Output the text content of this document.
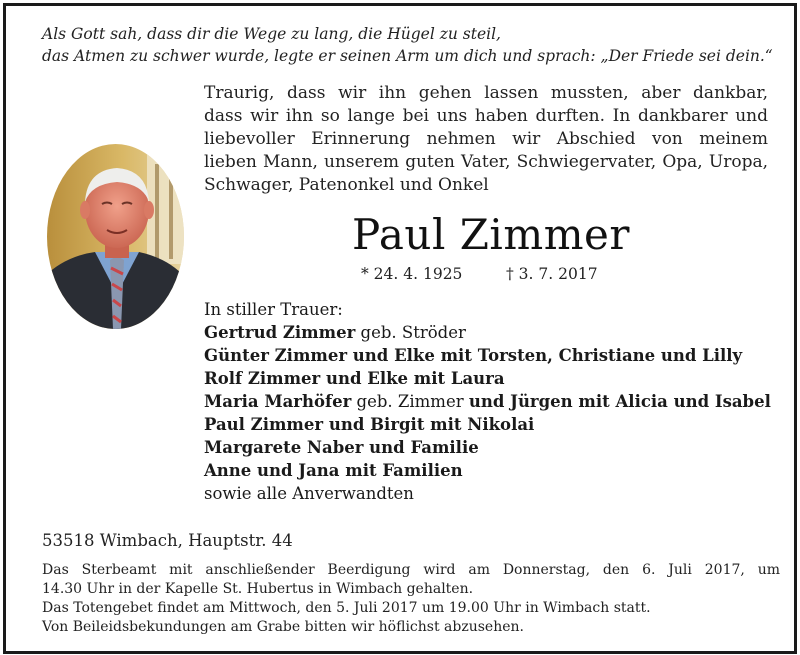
Als Gott sah, dass dir die Wege zu lang, die Hügel zu steil,
das Atmen zu schwer wurde, legte er seinen Arm um dich und sprach: „Der Friede sei dein.“
Traurig, dass wir ihn gehen lassen mussten, aber dankbar,
dass wir ihn so lange bei uns haben durften. In dankbarer und
liebevoller Erinnerung nehmen wir Abschied von meinem
lieben Mann, unserem guten Vater, Schwiegervater, Opa, Uropa,
Schwager, Patenonkel und Onkel
Paul Zimmer
* 24. 4. 1925	† 3. 7. 2017
In stiller Trauer:
Gertrud Zimmer geb. Ströder
Günter Zimmer und Elke mit Torsten, Christiane und Lilly
Rolf Zimmer und Elke mit Laura
Maria Marhöfer geb. Zimmer und Jürgen mit Alicia und Isabel
Paul Zimmer und Birgit mit Nikolai
Margarete Naber und Familie
Anne und Jana mit Familien
sowie alle Anverwandten
53518 Wimbach, Hauptstr. 44
Das Sterbeamt mit anschließender Beerdigung wird am Donnerstag, den 6. Juli 2017, um
14.30 Uhr in der Kapelle St. Hubertus in Wimbach gehalten.
Das Totengebet findet am Mittwoch, den 5. Juli 2017 um 19.00 Uhr in Wimbach statt.
Von Beileidsbekundungen am Grabe bitten wir höflichst abzusehen.
